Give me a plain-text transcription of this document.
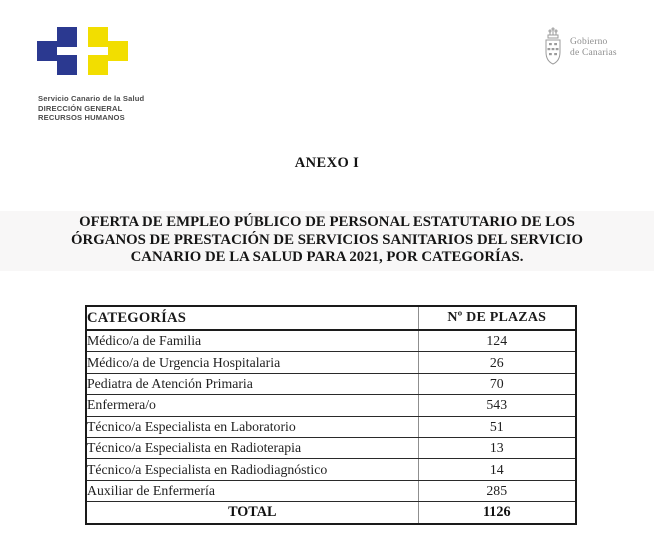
Servicio Canario de la Salud
DIRECCIÓN GENERAL
RECURSOS HUMANOS
Gobierno
de Canarias
ANEXO I
OFERTA DE EMPLEO PÚBLICO DE PERSONAL ESTATUTARIO DE LOS
ÓRGANOS DE PRESTACIÓN DE SERVICIOS SANITARIOS DEL SERVICIO
CANARIO DE LA SALUD PARA 2021, POR CATEGORÍAS.
CATEGORÍAS	Nº DE PLAZAS
Médico/a de Familia	124
Médico/a de Urgencia Hospitalaria	26
Pediatra de Atención Primaria	70
Enfermera/o	543
Técnico/a Especialista en Laboratorio	51
Técnico/a Especialista en Radioterapia	13
Técnico/a Especialista en Radiodiagnóstico	14
Auxiliar de Enfermería	285
TOTAL	1126
